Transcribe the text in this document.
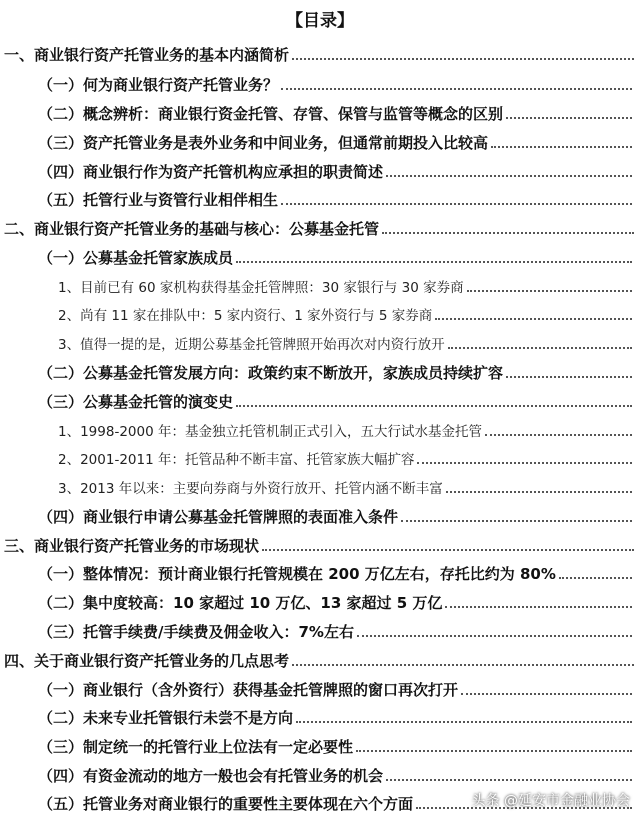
【目录】
一、商业银行资产托管业务的基本内涵简析
（一）何为商业银行资产托管业务？
（二）概念辨析：商业银行资金托管、存管、保管与监管等概念的区别
（三）资产托管业务是表外业务和中间业务，但通常前期投入比较高
（四）商业银行作为资产托管机构应承担的职责简述
（五）托管行业与资管行业相伴相生
二、商业银行资产托管业务的基础与核心：公募基金托管
（一）公募基金托管家族成员
1、目前已有 60 家机构获得基金托管牌照：30 家银行与 30 家券商
2、尚有 11 家在排队中：5 家内资行、1 家外资行与 5 家券商
3、值得一提的是，近期公募基金托管牌照开始再次对内资行放开
（二）公募基金托管发展方向：政策约束不断放开，家族成员持续扩容
（三）公募基金托管的演变史
1、1998-2000 年：基金独立托管机制正式引入，五大行试水基金托管
2、2001-2011 年：托管品种不断丰富、托管家族大幅扩容
3、2013 年以来：主要向券商与外资行放开、托管内涵不断丰富
（四）商业银行申请公募基金托管牌照的表面准入条件
三、商业银行资产托管业务的市场现状
（一）整体情况：预计商业银行托管规模在 200 万亿左右，存托比约为 80%
（二）集中度较高：10 家超过 10 万亿、13 家超过 5 万亿
（三）托管手续费/手续费及佣金收入：7%左右
四、关于商业银行资产托管业务的几点思考
（一）商业银行（含外资行）获得基金托管牌照的窗口再次打开
（二）未来专业托管银行未尝不是方向
（三）制定统一的托管行业上位法有一定必要性
（四）有资金流动的地方一般也会有托管业务的机会
（五）托管业务对商业银行的重要性主要体现在六个方面	头条 @延安市金融业协会
